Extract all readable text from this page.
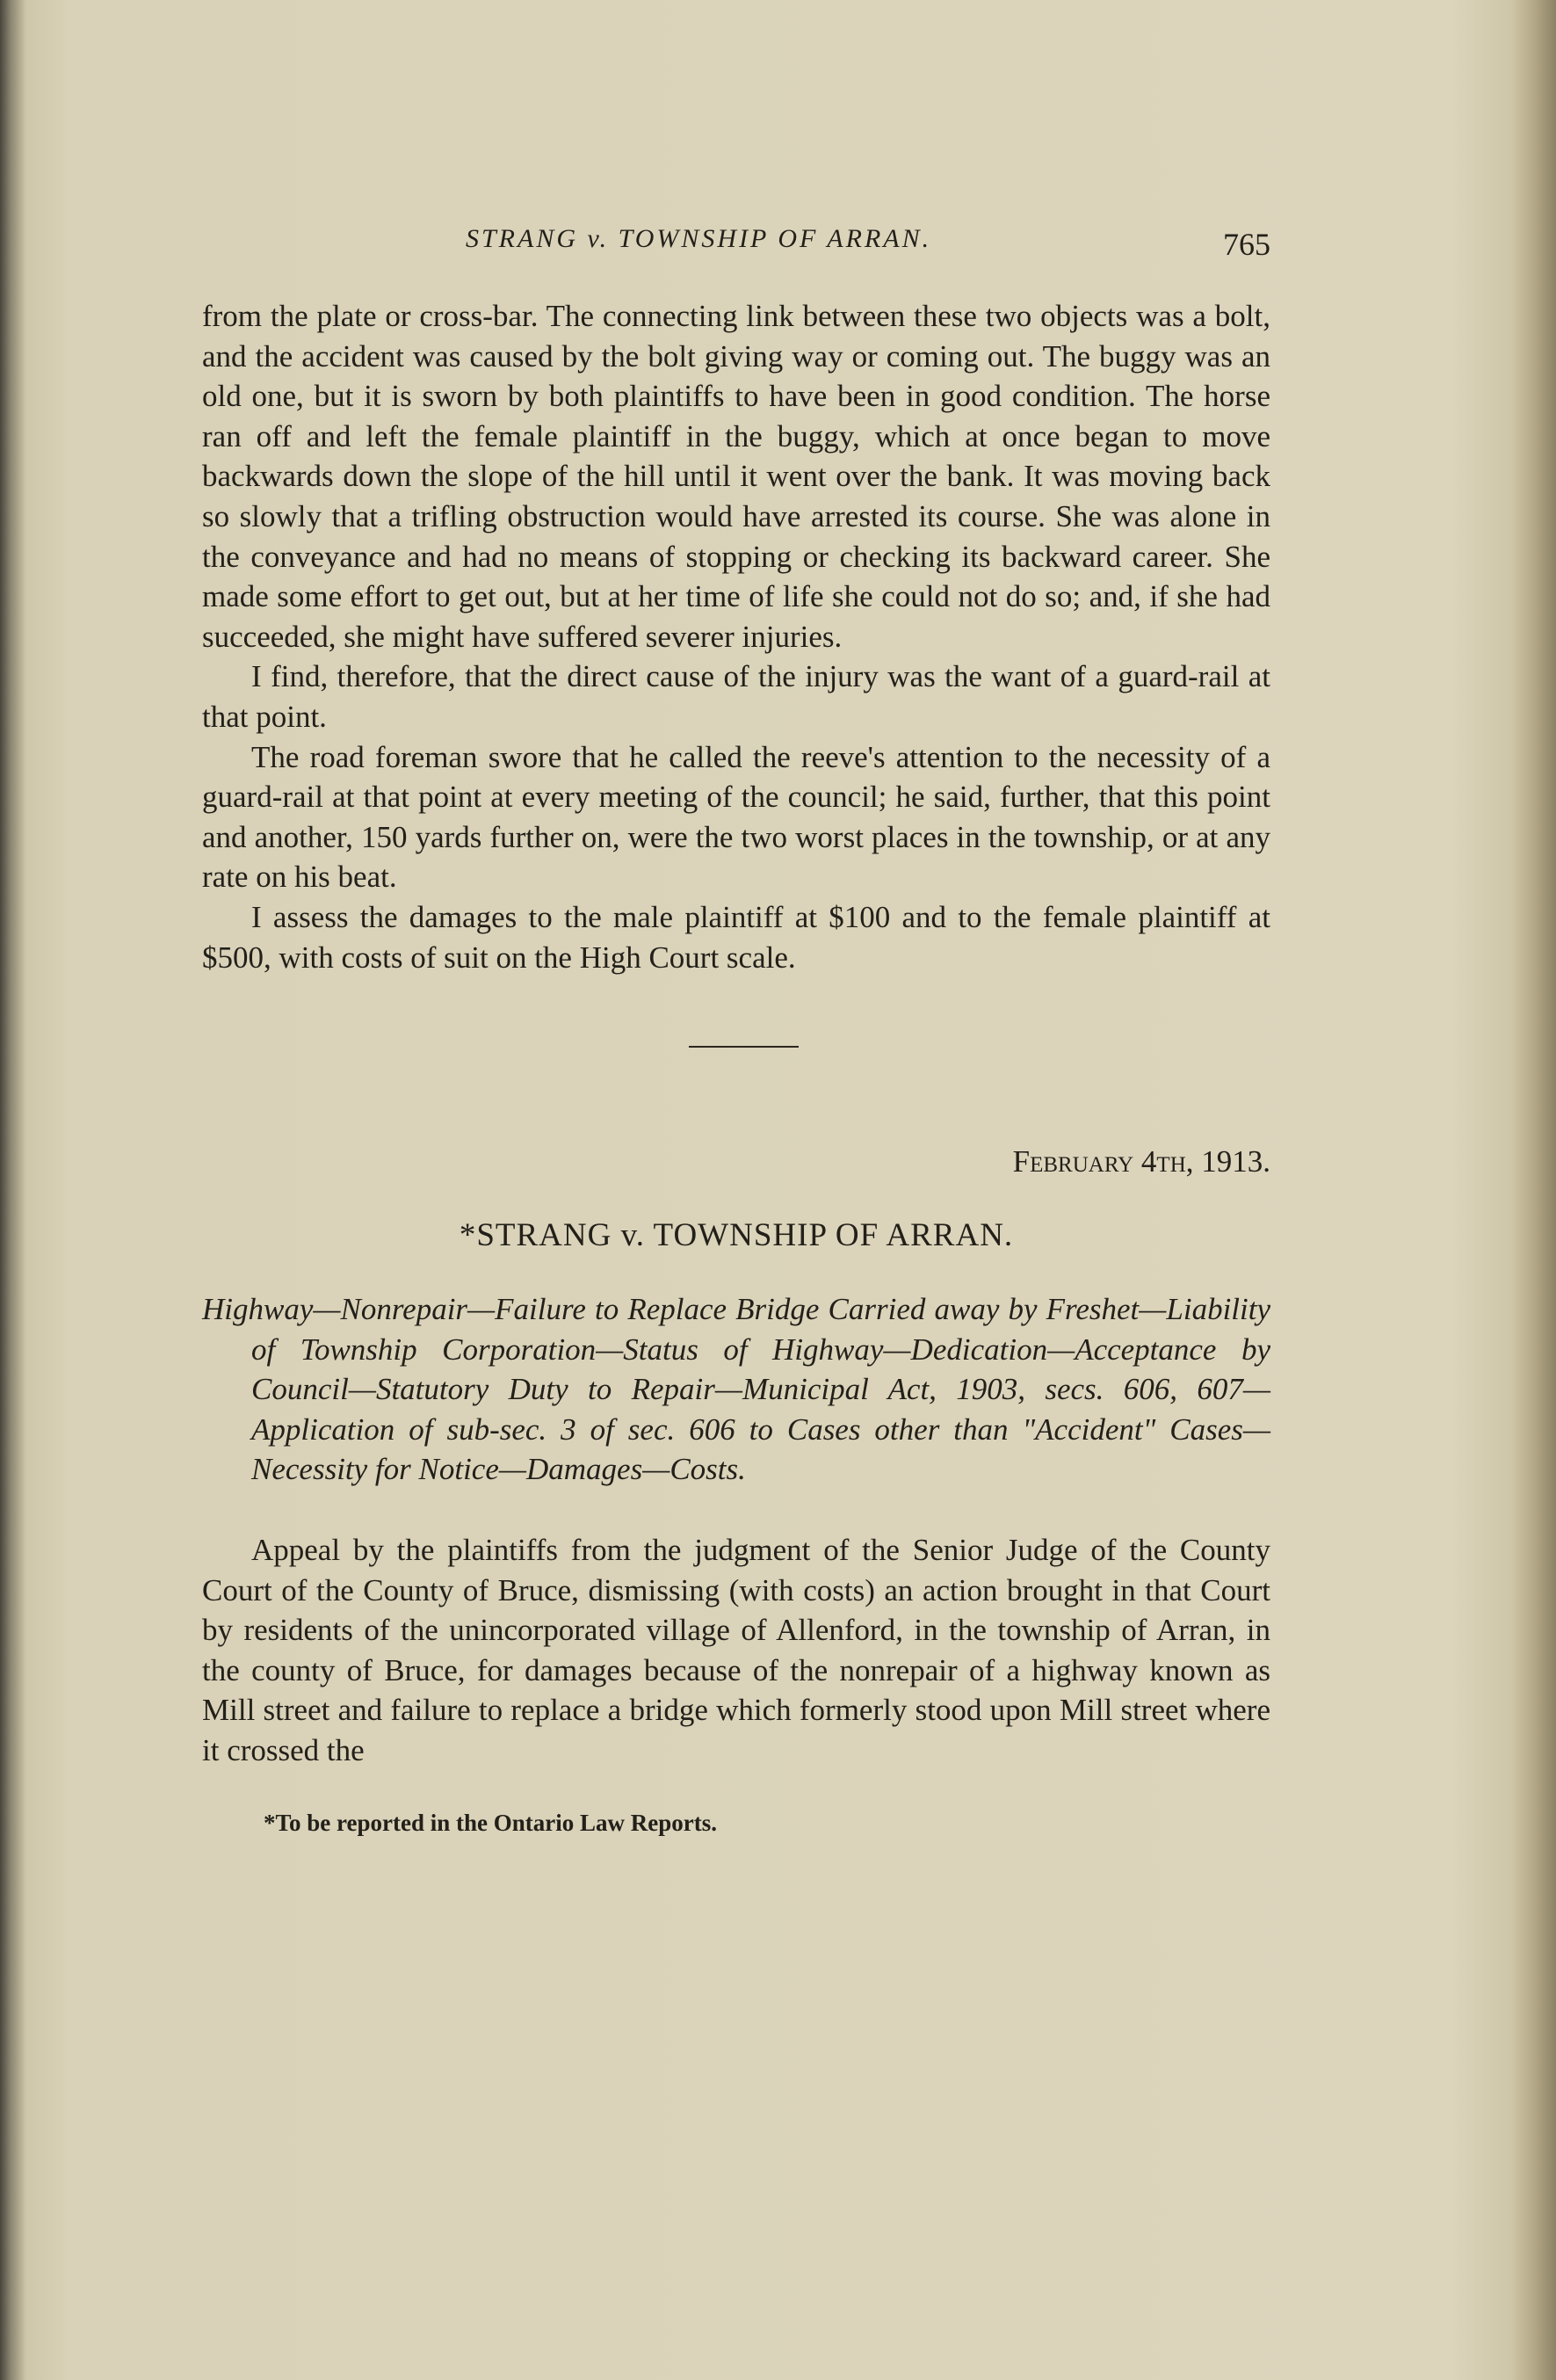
STRANG v. TOWNSHIP OF ARRAN.	765

from the plate or cross-bar. The connecting link between these two objects was a bolt, and the accident was caused by the bolt giving way or coming out. The buggy was an old one, but it is sworn by both plaintiffs to have been in good condition. The horse ran off and left the female plaintiff in the buggy, which at once began to move backwards down the slope of the hill until it went over the bank. It was moving back so slowly that a trifling obstruction would have arrested its course. She was alone in the conveyance and had no means of stopping or checking its backward career. She made some effort to get out, but at her time of life she could not do so; and, if she had succeeded, she might have suffered severer injuries.

I find, therefore, that the direct cause of the injury was the want of a guard-rail at that point.

The road foreman swore that he called the reeve's attention to the necessity of a guard-rail at that point at every meeting of the council; he said, further, that this point and another, 150 yards further on, were the two worst places in the township, or at any rate on his beat.

I assess the damages to the male plaintiff at $100 and to the female plaintiff at $500, with costs of suit on the High Court scale.

February 4th, 1913.
*STRANG v. TOWNSHIP OF ARRAN.
Highway—Nonrepair—Failure to Replace Bridge Carried away by Freshet—Liability of Township Corporation—Status of Highway—Dedication—Acceptance by Council—Statutory Duty to Repair—Municipal Act, 1903, secs. 606, 607—Application of sub-sec. 3 of sec. 606 to Cases other than "Accident" Cases—Necessity for Notice—Damages—Costs.
Appeal by the plaintiffs from the judgment of the Senior Judge of the County Court of the County of Bruce, dismissing (with costs) an action brought in that Court by residents of the unincorporated village of Allenford, in the township of Arran, in the county of Bruce, for damages because of the nonrepair of a highway known as Mill street and failure to replace a bridge which formerly stood upon Mill street where it crossed the
*To be reported in the Ontario Law Reports.
